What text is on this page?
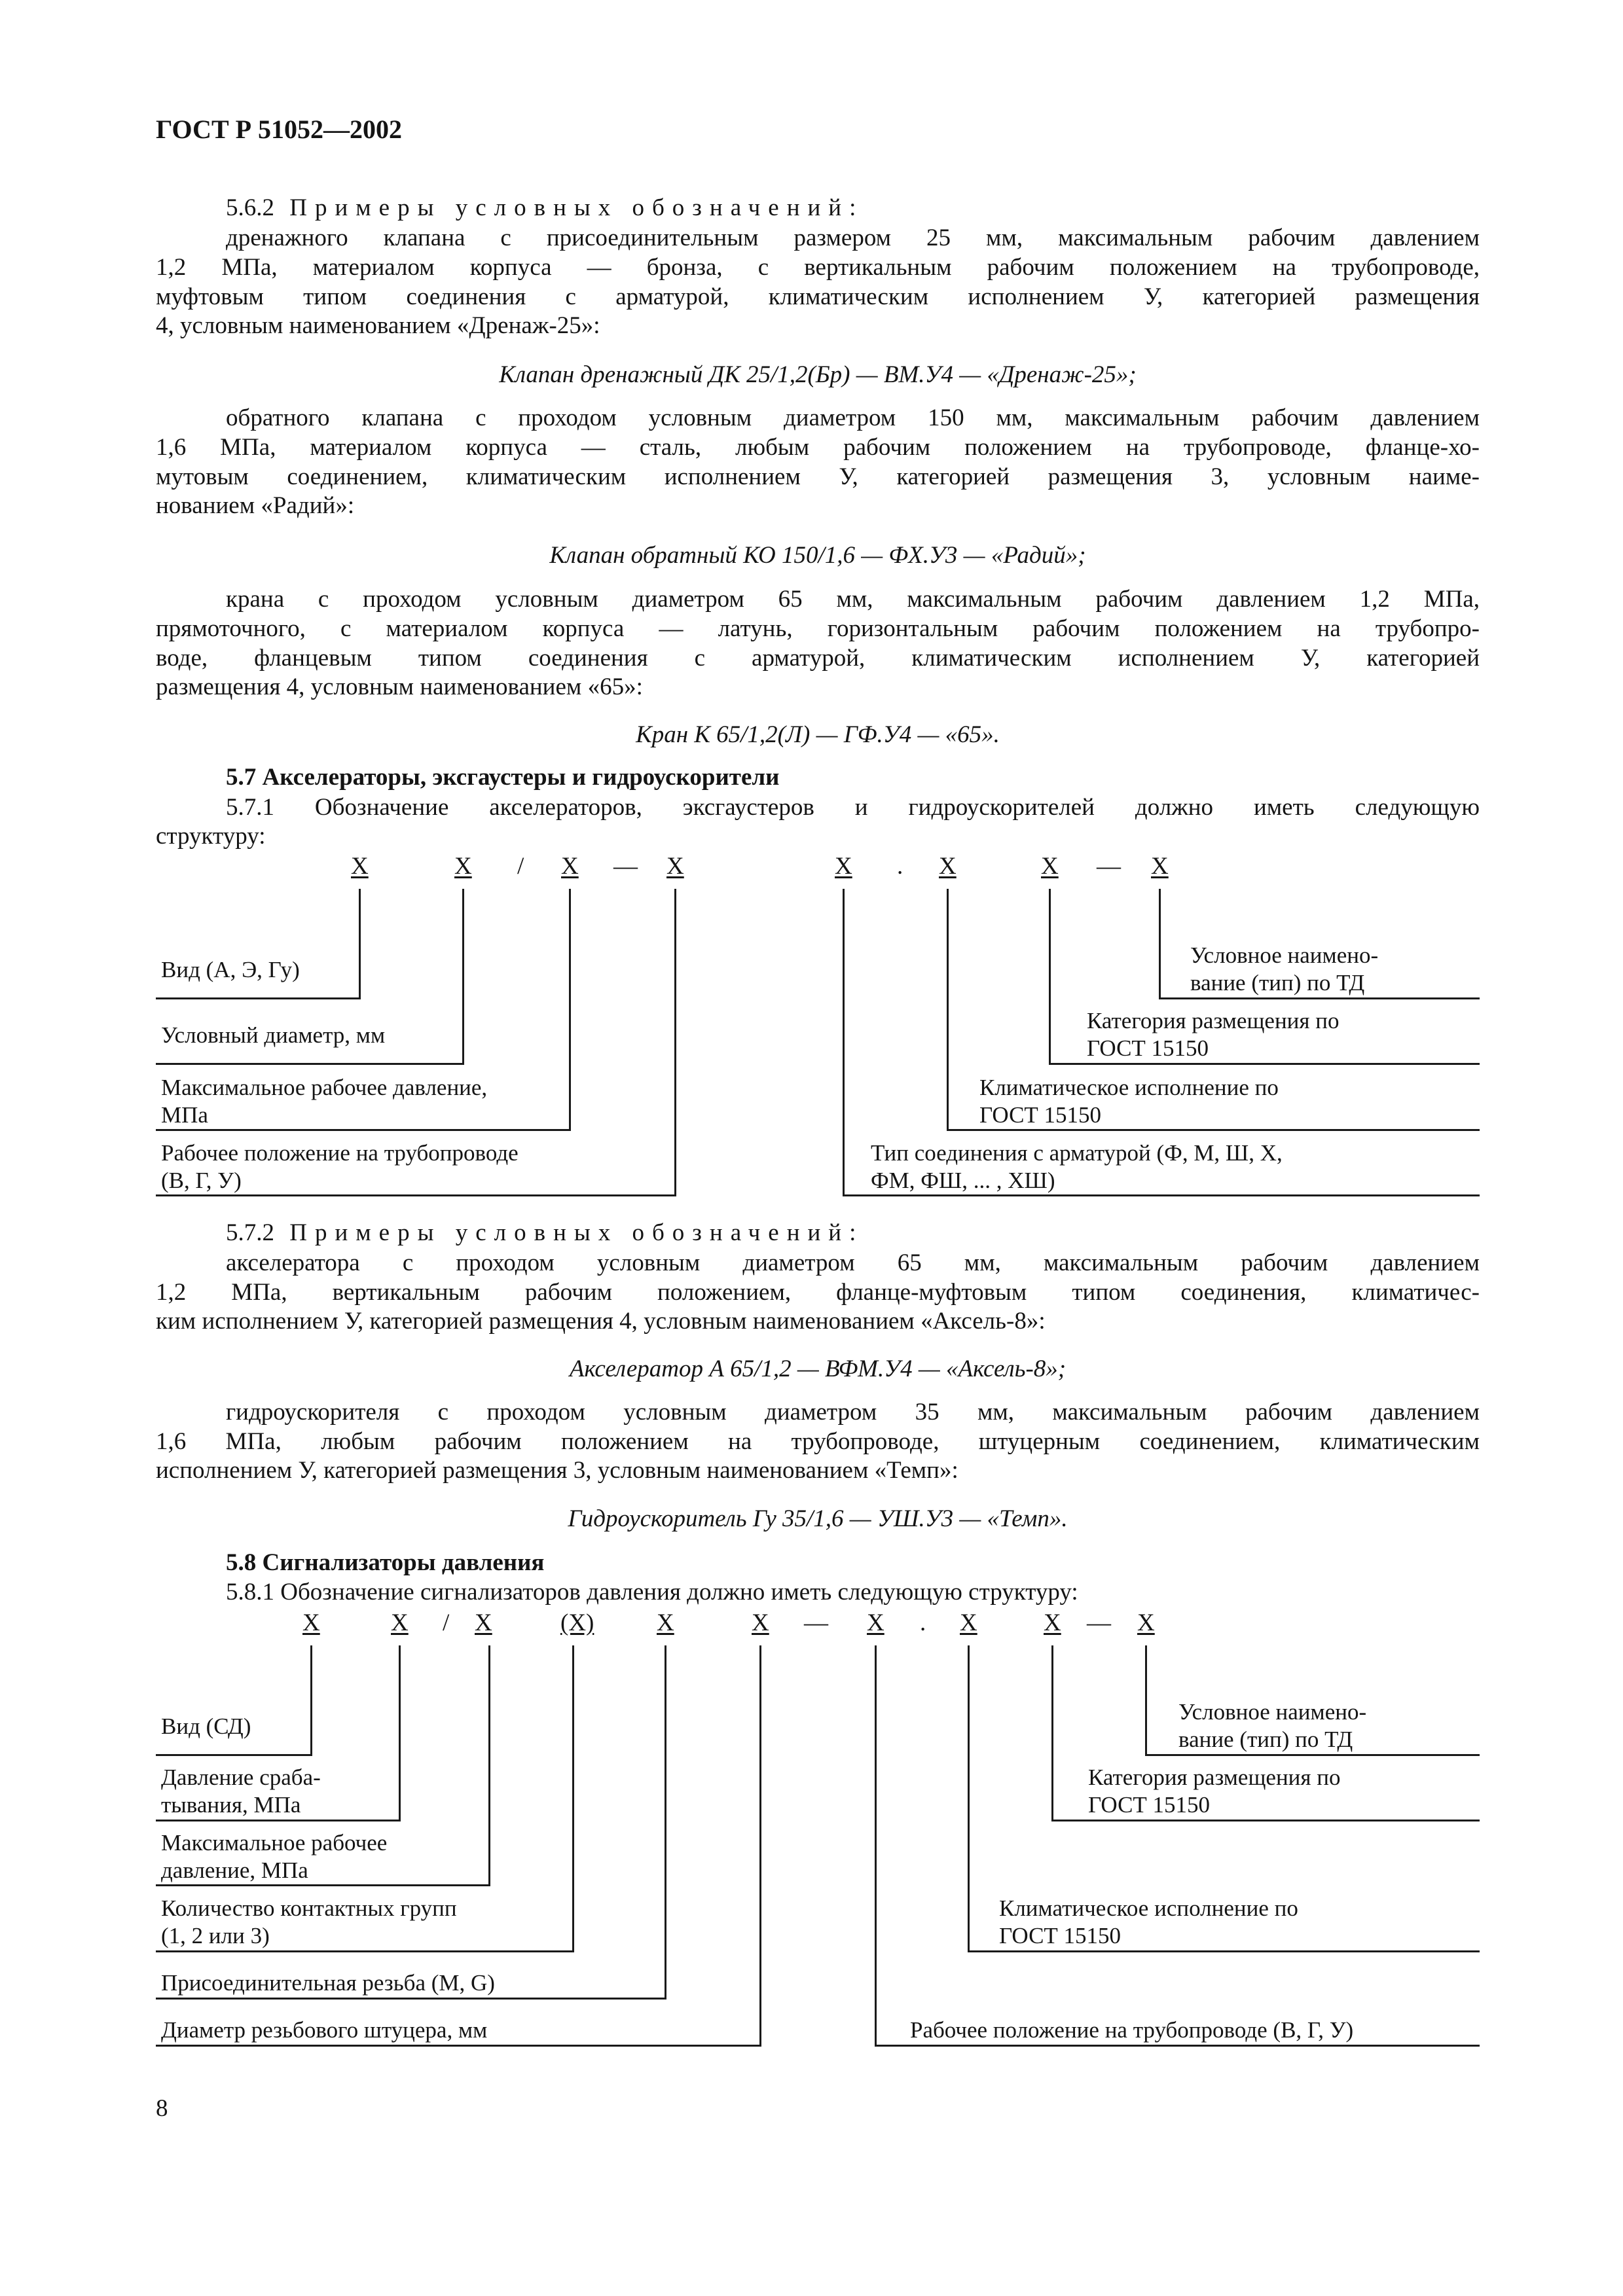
ГОСТ Р 51052—2002
5.6.2 Примеры условных обозначений:
дренажного клапана с присоединительным размером 25 мм, максимальным рабочим давлением
1,2 МПа, материалом корпуса — бронза, с вертикальным рабочим положением на трубопроводе,
муфтовым типом соединения с арматурой, климатическим исполнением У, категорией размещения
4, условным наименованием «Дренаж-25»:
Клапан дренажный ДК 25/1,2(Бр) — ВМ.У4 — «Дренаж-25»;
обратного клапана с проходом условным диаметром 150 мм, максимальным рабочим давлением
1,6 МПа, материалом корпуса — сталь, любым рабочим положением на трубопроводе, фланце-хо-
мутовым соединением, климатическим исполнением У, категорией размещения 3, условным наиме-
нованием «Радий»:
Клапан обратный КО 150/1,6 — ФХ.У3 — «Радий»;
крана с проходом условным диаметром 65 мм, максимальным рабочим давлением 1,2 МПа,
прямоточного, с материалом корпуса — латунь, горизонтальным рабочим положением на трубопро-
воде, фланцевым типом соединения с арматурой, климатическим исполнением У, категорией
размещения 4, условным наименованием «65»:
Кран К 65/1,2(Л) — ГФ.У4 — «65».
5.7 Акселераторы, эксгаустеры и гидроускорители
5.7.1 Обозначение акселераторов, эксгаустеров и гидроускорителей должно иметь следующую
структуру:
X	X / X — X	X . X	X — X
Вид (А, Э, Гу)
Условный диаметр, мм
Максимальное рабочее давление,
МПа
Рабочее положение на трубопроводе
(В, Г, У)
Условное наимено-
вание (тип) по ТД
Категория размещения по
ГОСТ 15150
Климатическое исполнение по
ГОСТ 15150
Тип соединения с арматурой (Ф, М, Ш, Х,
ФМ, ФШ, ... , ХШ)
5.7.2 Примеры условных обозначений:
акселератора с проходом условным диаметром 65 мм, максимальным рабочим давлением
1,2 МПа, вертикальным рабочим положением, фланце-муфтовым типом соединения, климатичес-
ким исполнением У, категорией размещения 4, условным наименованием «Аксель-8»:
Акселератор А 65/1,2 — ВФМ.У4 — «Аксель-8»;
гидроускорителя с проходом условным диаметром 35 мм, максимальным рабочим давлением
1,6 МПа, любым рабочим положением на трубопроводе, штуцерным соединением, климатическим
исполнением У, категорией размещения 3, условным наименованием «Темп»:
Гидроускоритель Гу 35/1,6 — УШ.У3 — «Темп».
5.8 Сигнализаторы давления
5.8.1 Обозначение сигнализаторов давления должно иметь следующую структуру:
X	X / X	(X)	X	X — X . X	X — X
Вид (СД)
Давление сраба-
тывания, МПа
Максимальное рабочее
давление, МПа
Количество контактных групп
(1, 2 или 3)
Присоединительная резьба (M, G)
Диаметр резьбового штуцера, мм
Условное наимено-
вание (тип) по ТД
Категория размещения по
ГОСТ 15150
Климатическое исполнение по
ГОСТ 15150
Рабочее положение на трубопроводе (В, Г, У)
8
